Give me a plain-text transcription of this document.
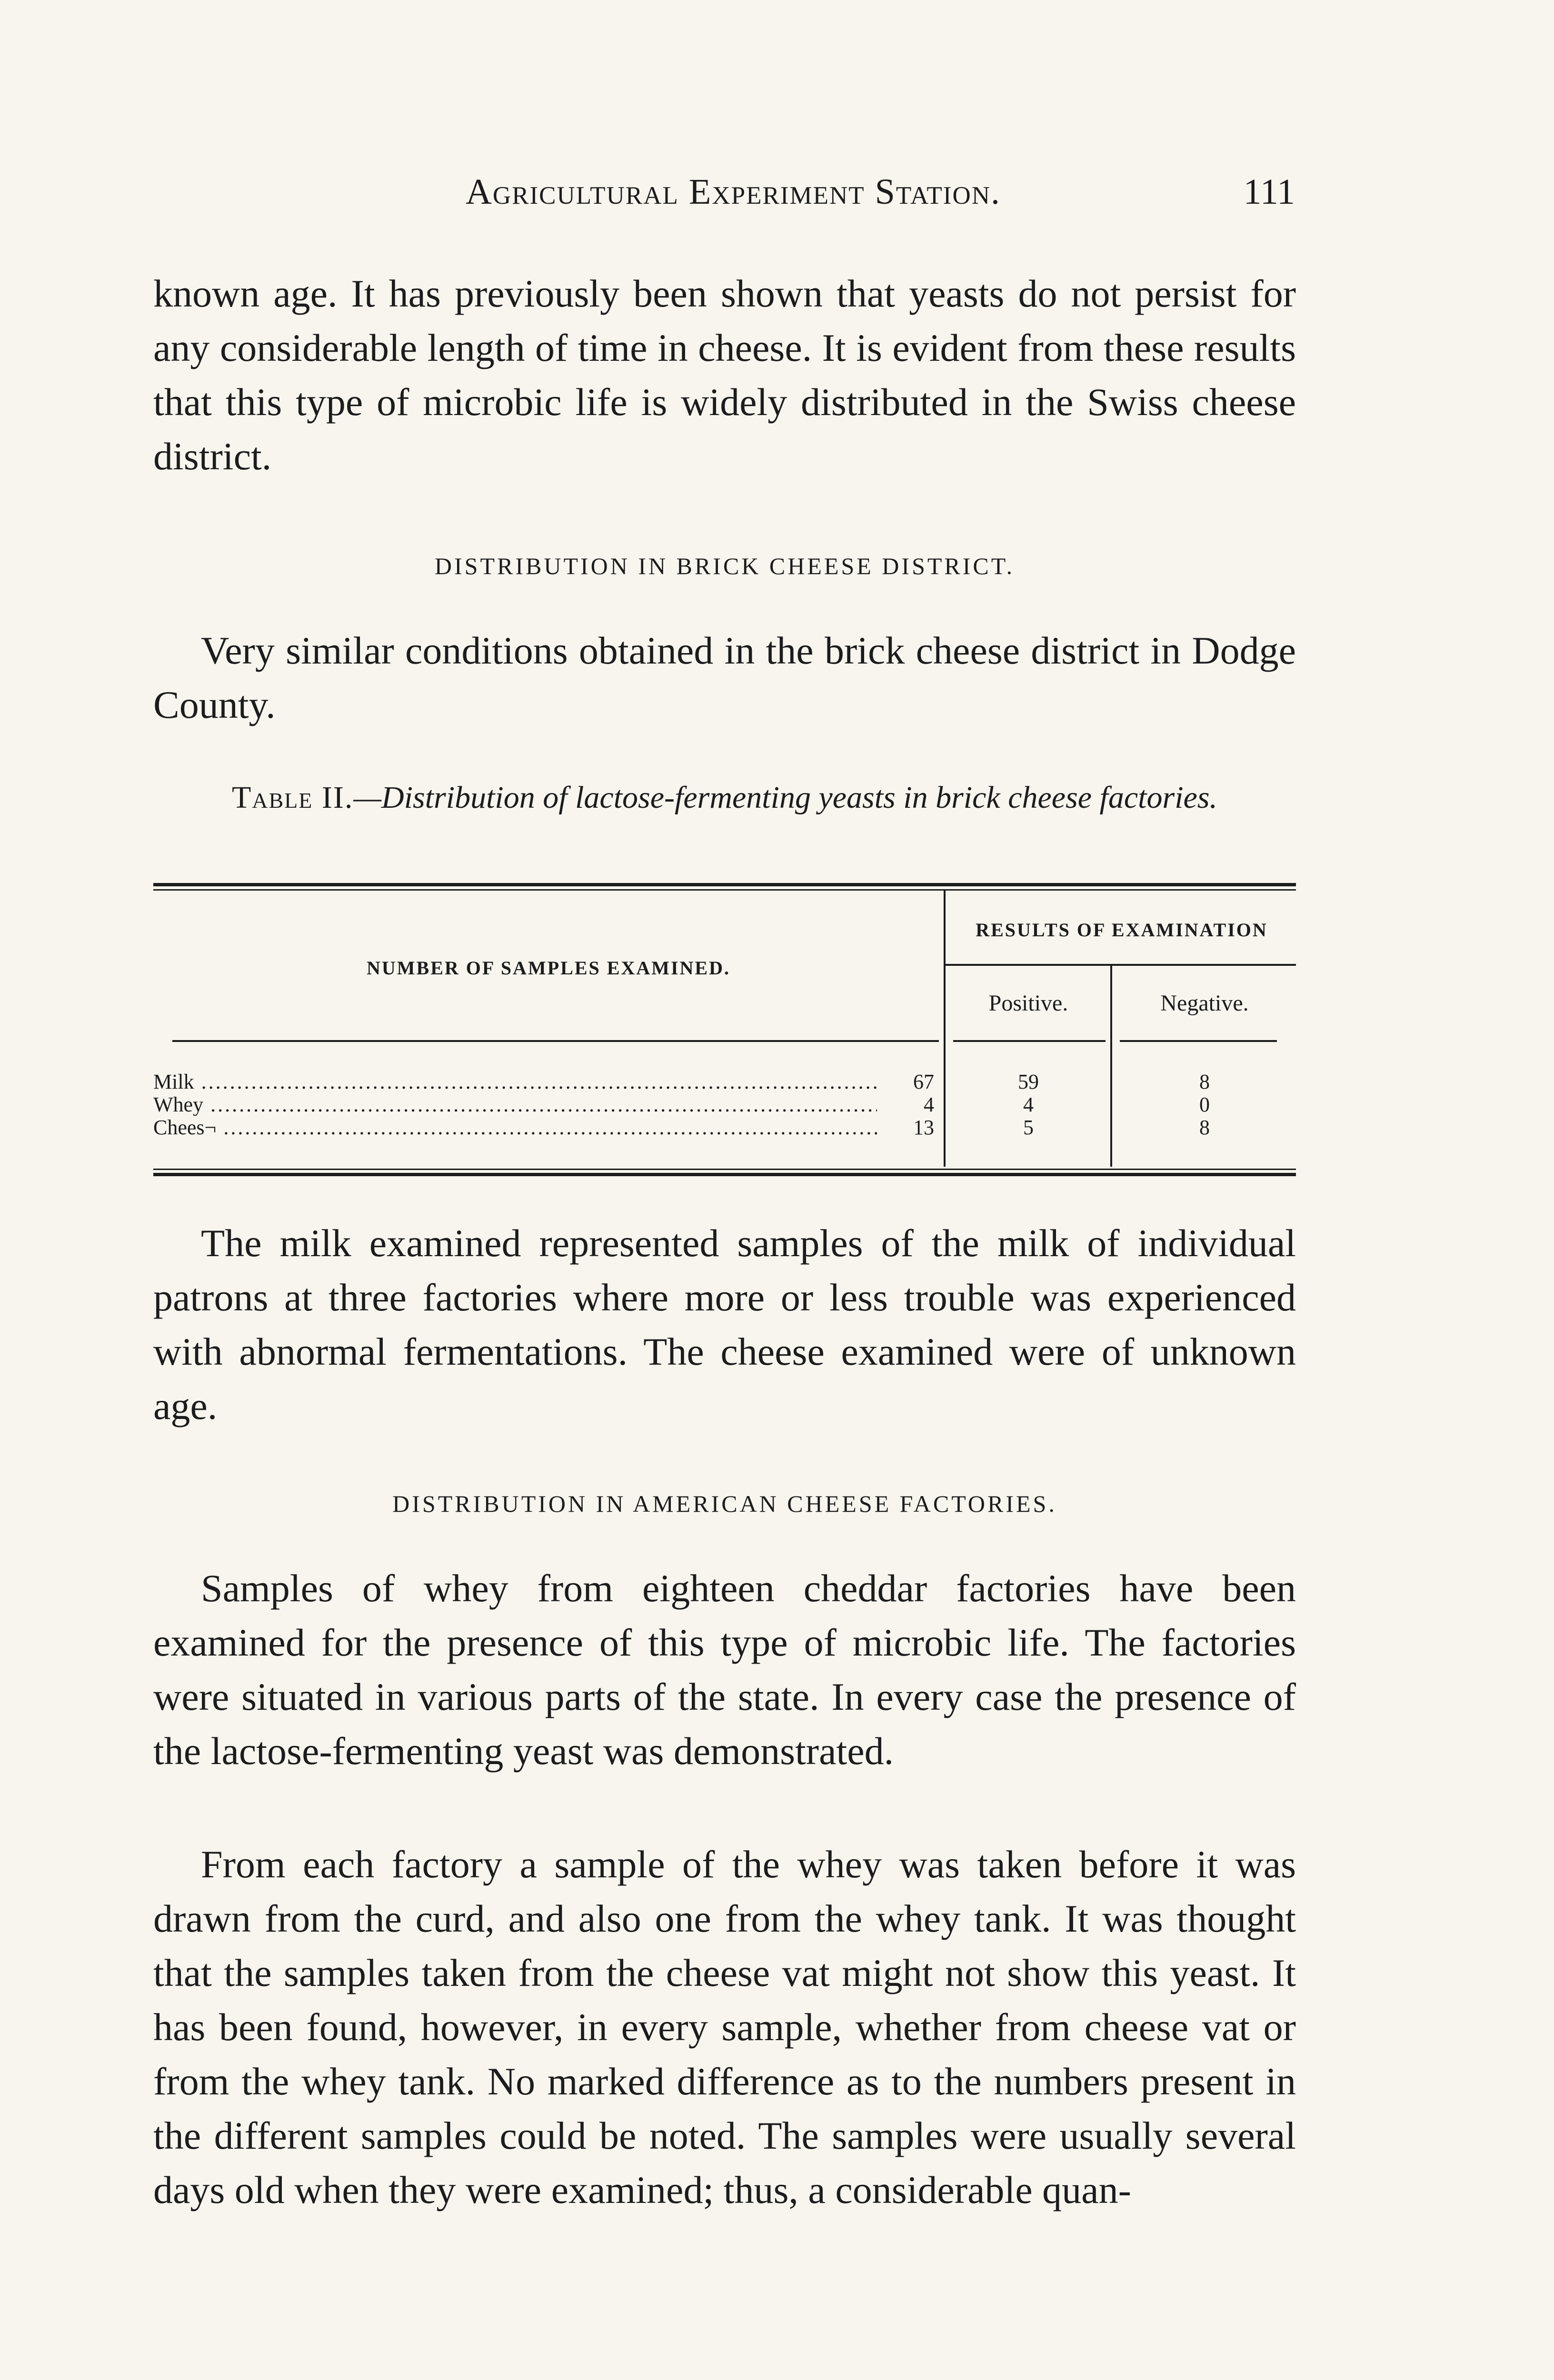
Agricultural Experiment Station.	111

known age. It has previously been shown that yeasts do not persist for any considerable length of time in cheese. It is evident from these results that this type of microbic life is widely distributed in the Swiss cheese district.

DISTRIBUTION IN BRICK CHEESE DISTRICT.

Very similar conditions obtained in the brick cheese district in Dodge County.

Table II.—Distribution of lactose-fermenting yeasts in brick cheese factories.
NUMBER OF SAMPLES EXAMINED.
RESULTS OF EXAMINATION
Positive.	Negative.
Milk .....	67	59	8
Whey .....	4	4	0
Chees¬ .....	13	5	8

The milk examined represented samples of the milk of individual patrons at three factories where more or less trouble was experienced with abnormal fermentations. The cheese examined were of unknown age.

DISTRIBUTION IN AMERICAN CHEESE FACTORIES.

Samples of whey from eighteen cheddar factories have been examined for the presence of this type of microbic life. The factories were situated in various parts of the state. In every case the presence of the lactose-fermenting yeast was demonstrated.

From each factory a sample of the whey was taken before it was drawn from the curd, and also one from the whey tank. It was thought that the samples taken from the cheese vat might not show this yeast. It has been found, however, in every sample, whether from cheese vat or from the whey tank. No marked difference as to the numbers present in the different samples could be noted. The samples were usually several days old when they were examined; thus, a considerable quan-
